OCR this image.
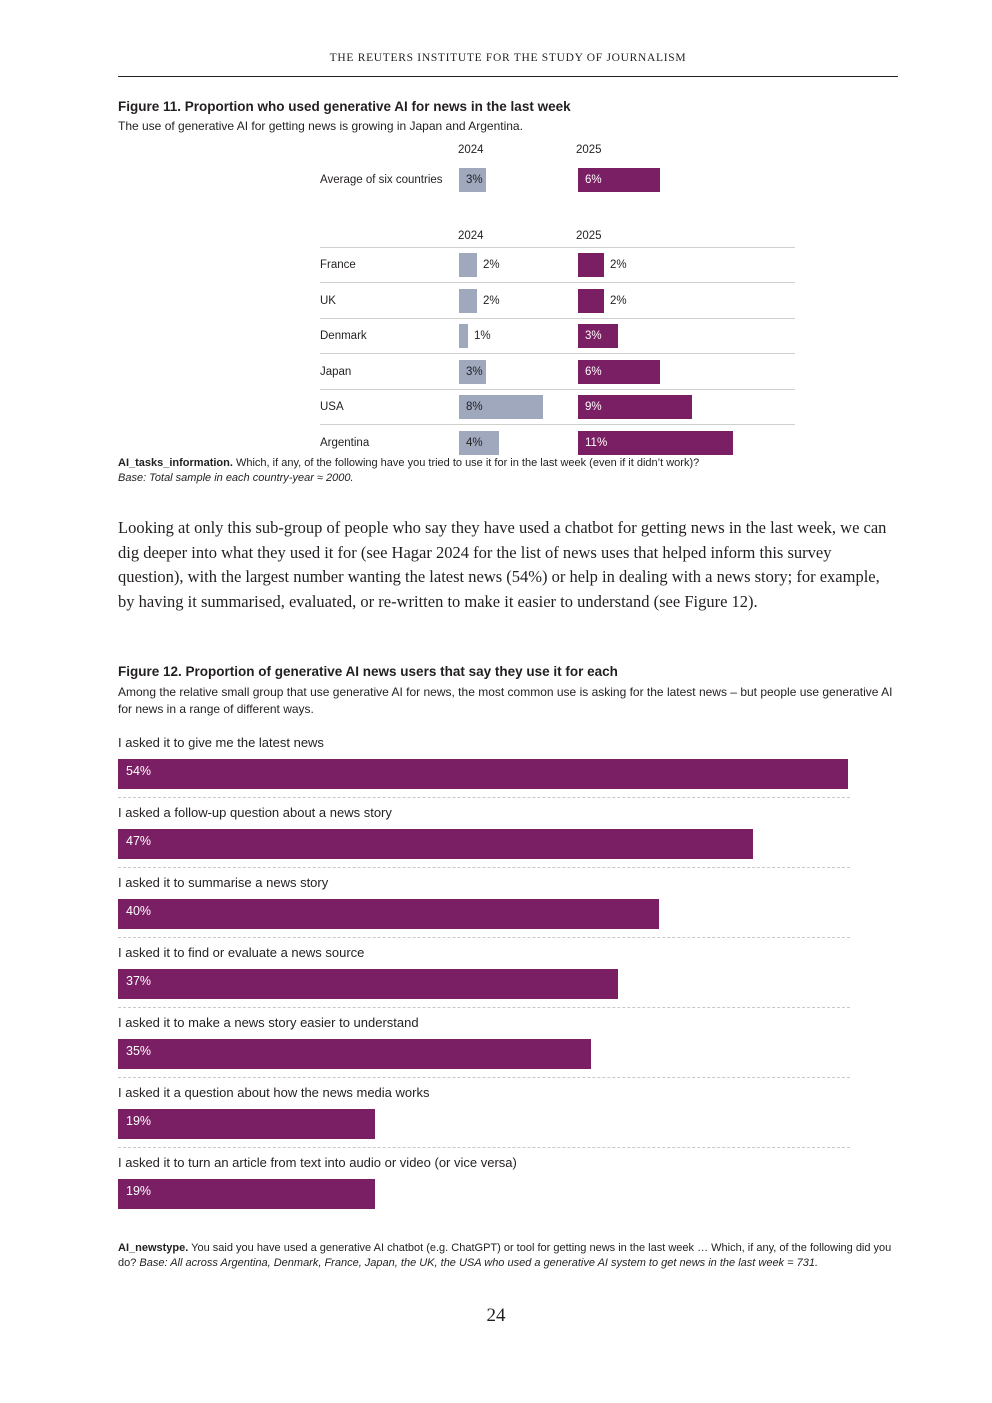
THE REUTERS INSTITUTE FOR THE STUDY OF JOURNALISM
Figure 11. Proportion who used generative AI for news in the last week
The use of generative AI for getting news is growing in Japan and Argentina.
2024	2025
Average of six countries 3%	6%
2024	2025
France	2%	2%
UK	2%	2%
Denmark	1%	3%
Japan	3%	6%
USA	8%	9%
Argentina	4%	11%
AI_tasks_information. Which, if any, of the following have you tried to use it for in the last week (even if it didn’t work)?
Base: Total sample in each country-year ≈ 2000.
Looking at only this sub-group of people who say they have used a chatbot for getting news in the last week, we can dig deeper into what they used it for (see Hagar 2024 for the list of news uses that helped inform this survey question), with the largest number wanting the latest news (54%) or help in dealing with a news story; for example, by having it summarised, evaluated, or re-written to make it easier to understand (see Figure 12).
Figure 12. Proportion of generative AI news users that say they use it for each
Among the relative small group that use generative AI for news, the most common use is asking for the latest news – but people use generative AI for news in a range of different ways.
I asked it to give me the latest news
54%
I asked a follow-up question about a news story
47%
I asked it to summarise a news story
40%
I asked it to find or evaluate a news source
37%
I asked it to make a news story easier to understand
35%
I asked it a question about how the news media works
19%
I asked it to turn an article from text into audio or video (or vice versa)
19%
AI_newstype. You said you have used a generative AI chatbot (e.g. ChatGPT) or tool for getting news in the last week … Which, if any, of the following did you do? Base: All across Argentina, Denmark, France, Japan, the UK, the USA who used a generative AI system to get news in the last week = 731.
24
